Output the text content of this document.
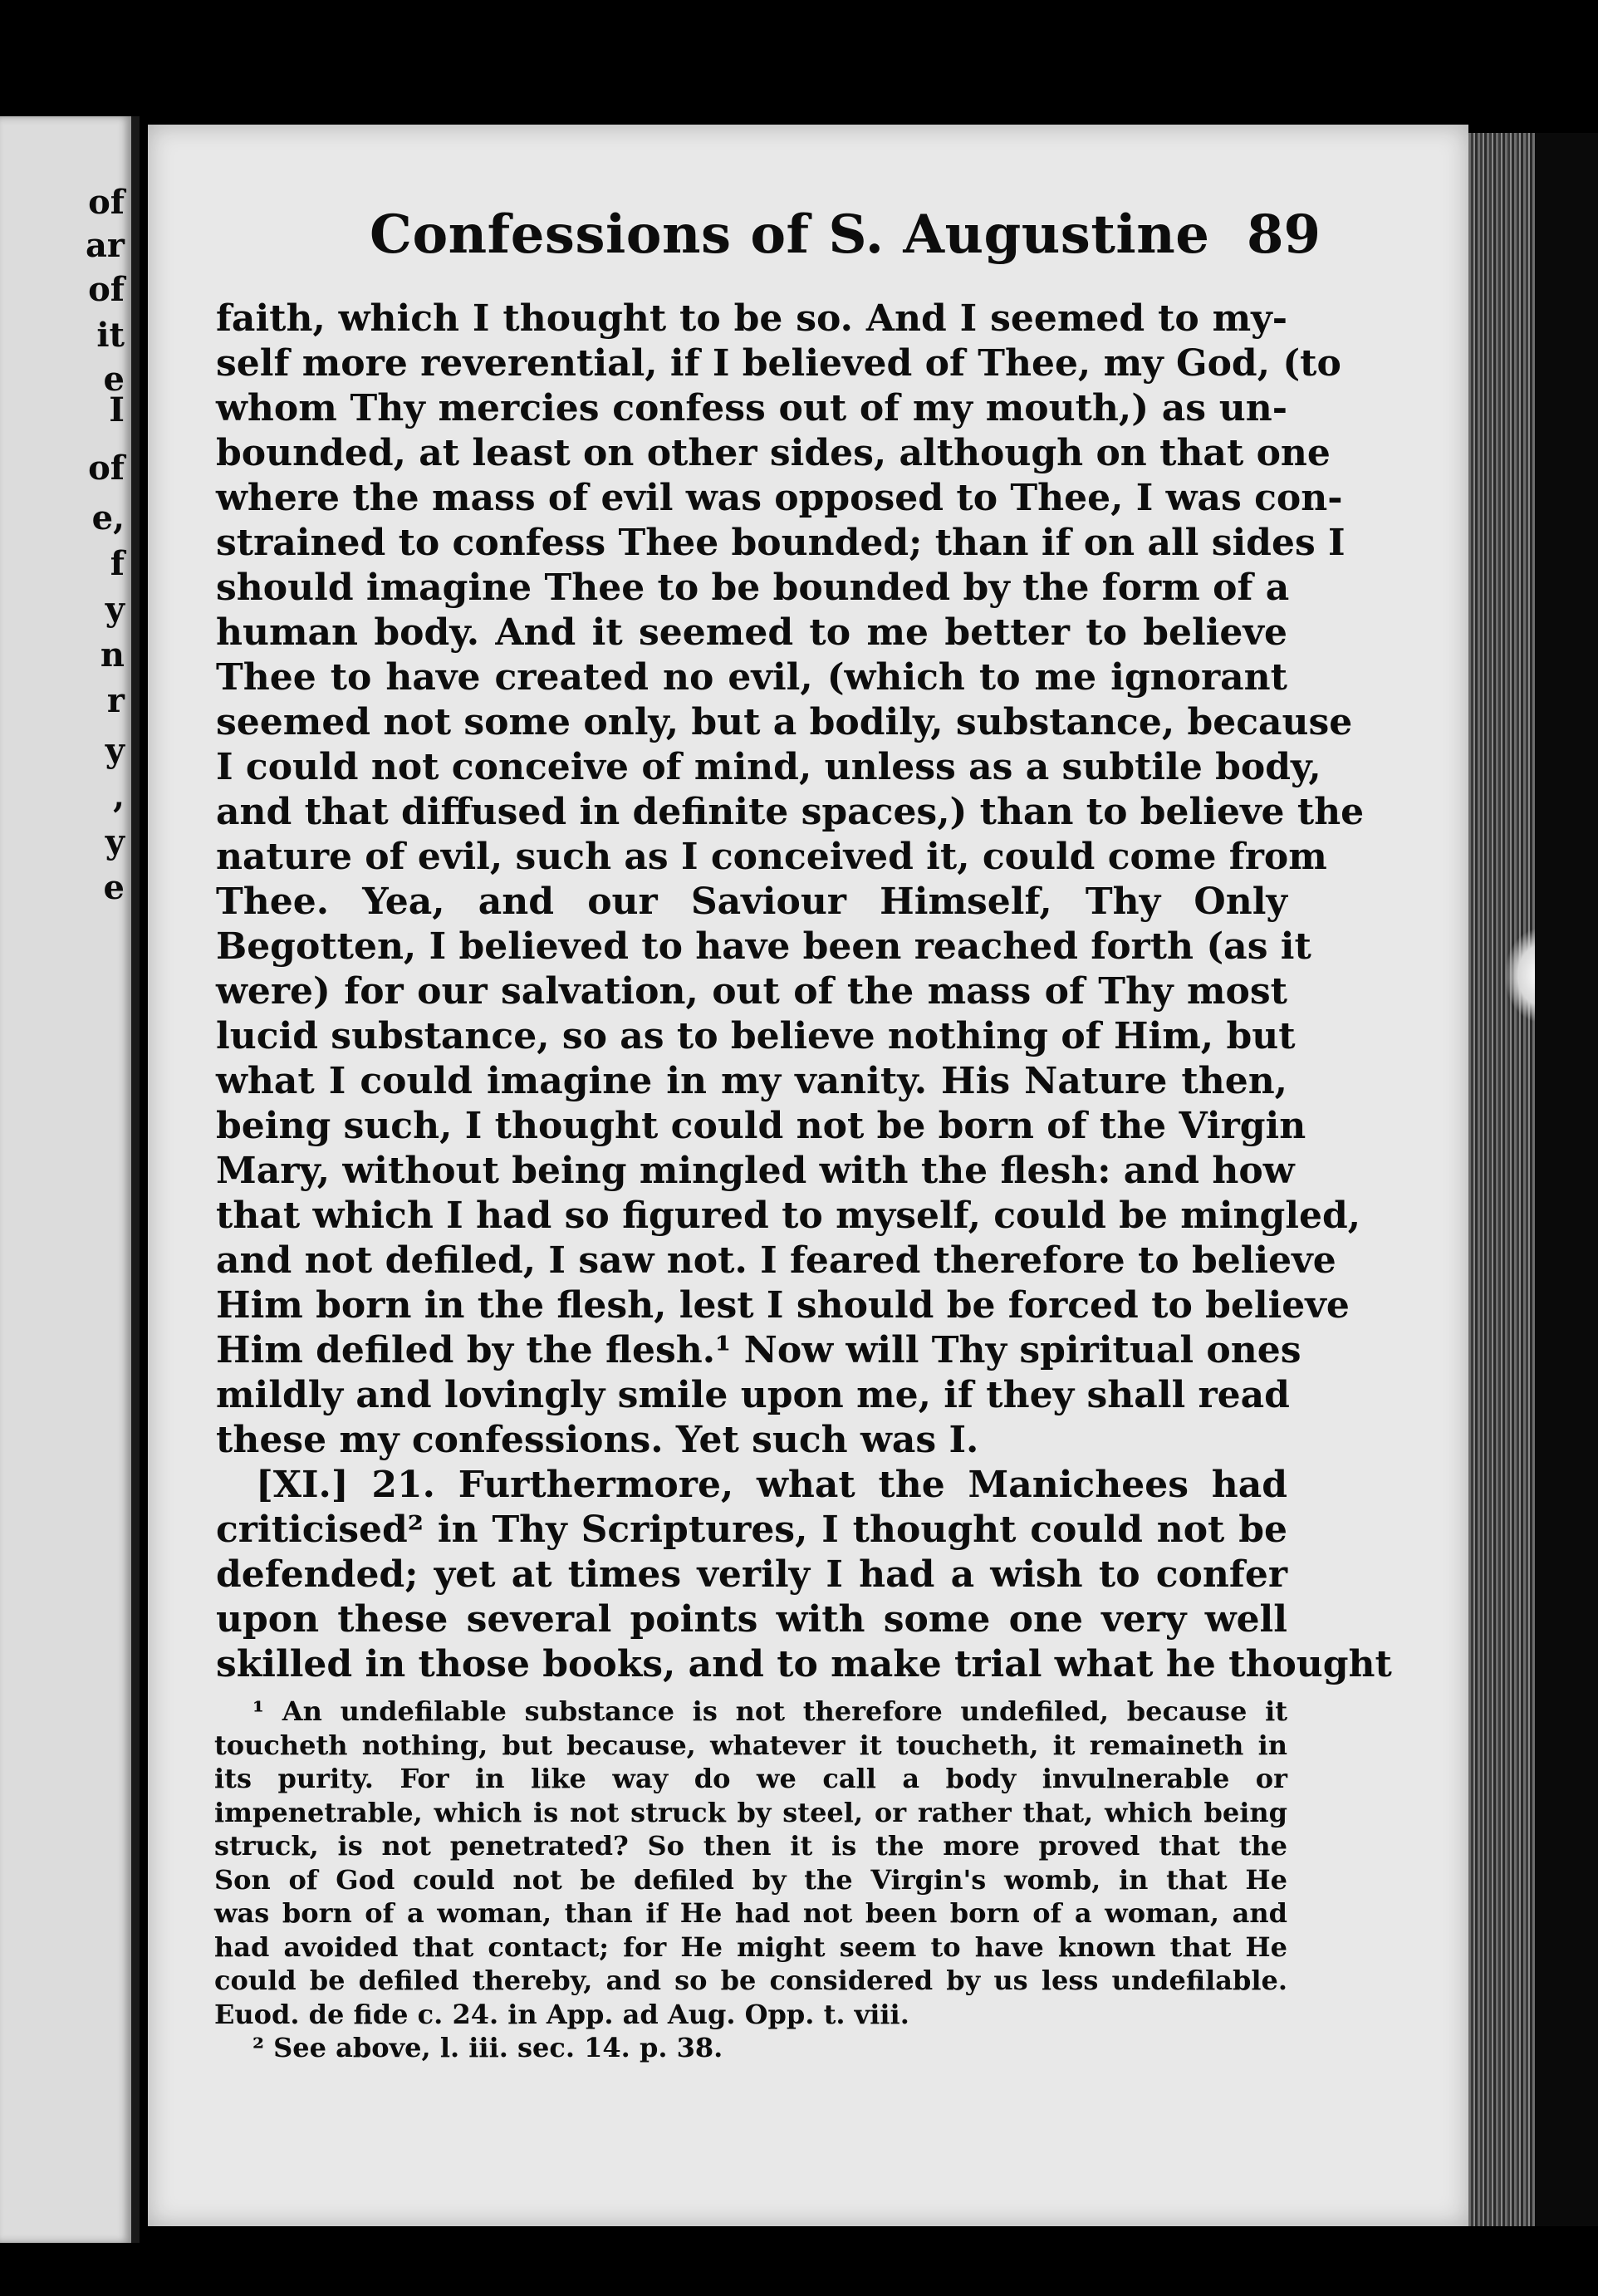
of
ar
of
it
e
I
of
e,
f
y
n
r
y
,
y
e
Confessions of S. Augustine 89
faith, which I thought to be so. And I seemed to my-
self more reverential, if I believed of Thee, my God, (to
whom Thy mercies confess out of my mouth,) as un-
bounded, at least on other sides, although on that one
where the mass of evil was opposed to Thee, I was con-
strained to confess Thee bounded; than if on all sides I
should imagine Thee to be bounded by the form of a
human body. And it seemed to me better to believe
Thee to have created no evil, (which to me ignorant
seemed not some only, but a bodily, substance, because
I could not conceive of mind, unless as a subtile body,
and that diffused in definite spaces,) than to believe the
nature of evil, such as I conceived it, could come from
Thee. Yea, and our Saviour Himself, Thy Only
Begotten, I believed to have been reached forth (as it
were) for our salvation, out of the mass of Thy most
lucid substance, so as to believe nothing of Him, but
what I could imagine in my vanity. His Nature then,
being such, I thought could not be born of the Virgin
Mary, without being mingled with the flesh: and how
that which I had so figured to myself, could be mingled,
and not defiled, I saw not. I feared therefore to believe
Him born in the flesh, lest I should be forced to believe
Him defiled by the flesh.¹ Now will Thy spiritual ones
mildly and lovingly smile upon me, if they shall read
these my confessions. Yet such was I.
[XI.] 21. Furthermore, what the Manichees had
criticised² in Thy Scriptures, I thought could not be
defended; yet at times verily I had a wish to confer
upon these several points with some one very well
skilled in those books, and to make trial what he thought
¹ An undefilable substance is not therefore undefiled, because it
toucheth nothing, but because, whatever it toucheth, it remaineth in
its purity. For in like way do we call a body invulnerable or
impenetrable, which is not struck by steel, or rather that, which being
struck, is not penetrated? So then it is the more proved that the
Son of God could not be defiled by the Virgin's womb, in that He
was born of a woman, than if He had not been born of a woman, and
had avoided that contact; for He might seem to have known that He
could be defiled thereby, and so be considered by us less undefilable.
Euod. de fide c. 24. in App. ad Aug. Opp. t. viii.
² See above, l. iii. sec. 14. p. 38.
